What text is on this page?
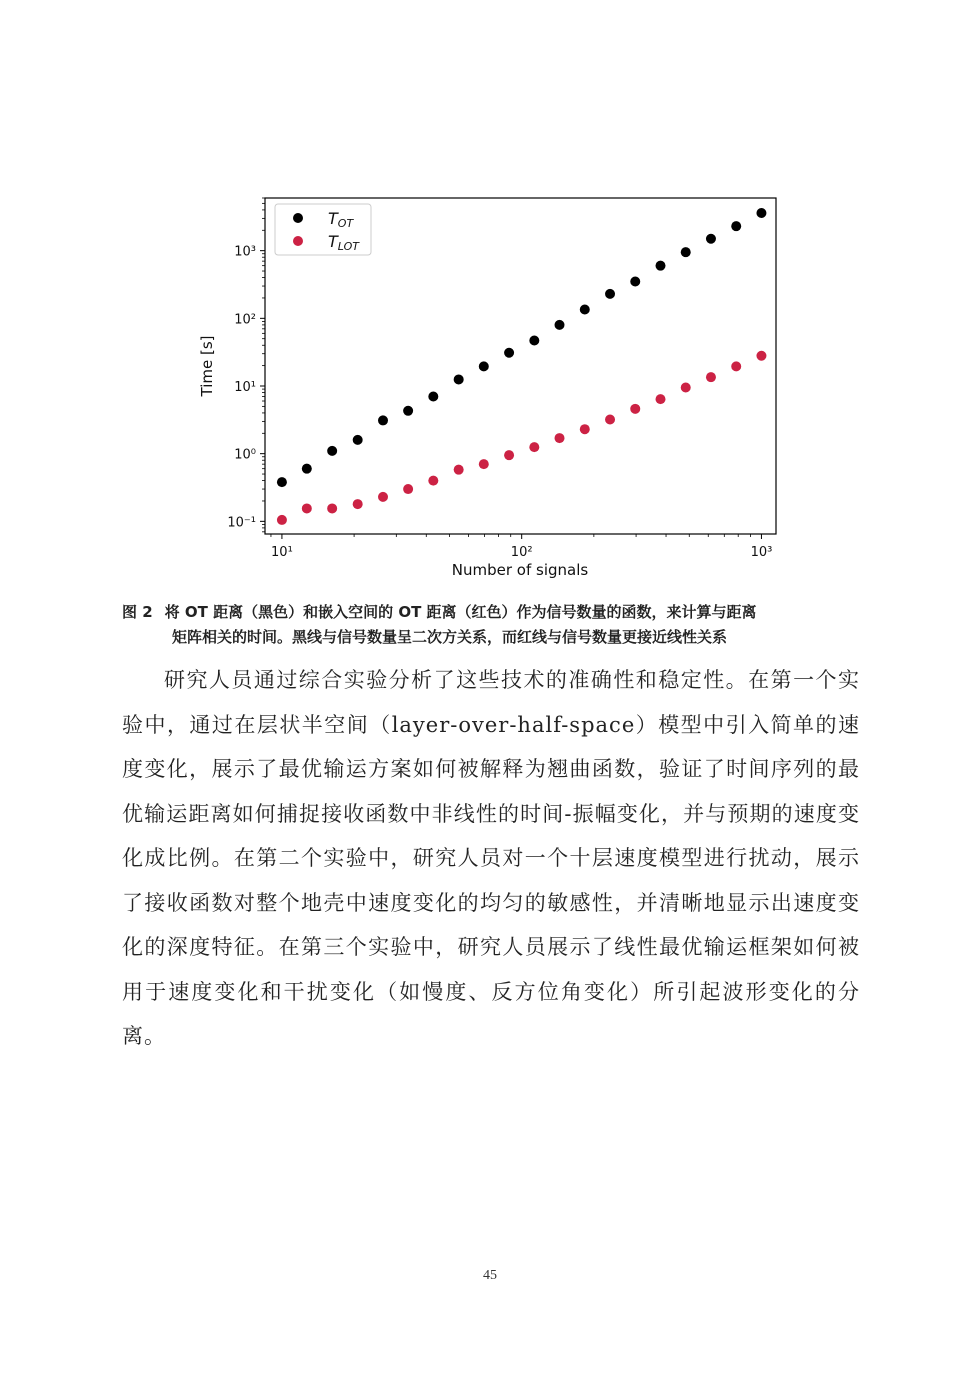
10¹	10²	10³
10⁻¹
10⁰
10¹
10²
10³
Number of signals
Time [s]
TOT
TLOT
图 2 将 OT 距离（黑色）和嵌入空间的 OT 距离（红色）作为信号数量的函数，来计算与距离
矩阵相关的时间。黑线与信号数量呈二次方关系，而红线与信号数量更接近线性关系
研究人员通过综合实验分析了这些技术的准确性和稳定性。在第一个实验中，通过在层状半空间（layer-over-half-space）模型中引入简单的速度变化，展示了最优输运方案如何被解释为翘曲函数，验证了时间序列的最优输运距离如何捕捉接收函数中非线性的时间-振幅变化，并与预期的速度变化成比例。在第二个实验中，研究人员对一个十层速度模型进行扰动，展示了接收函数对整个地壳中速度变化的均匀的敏感性，并清晰地显示出速度变化的深度特征。在第三个实验中，研究人员展示了线性最优输运框架如何被用于速度变化和干扰变化（如慢度、反方位角变化）所引起波形变化的分离。
45
